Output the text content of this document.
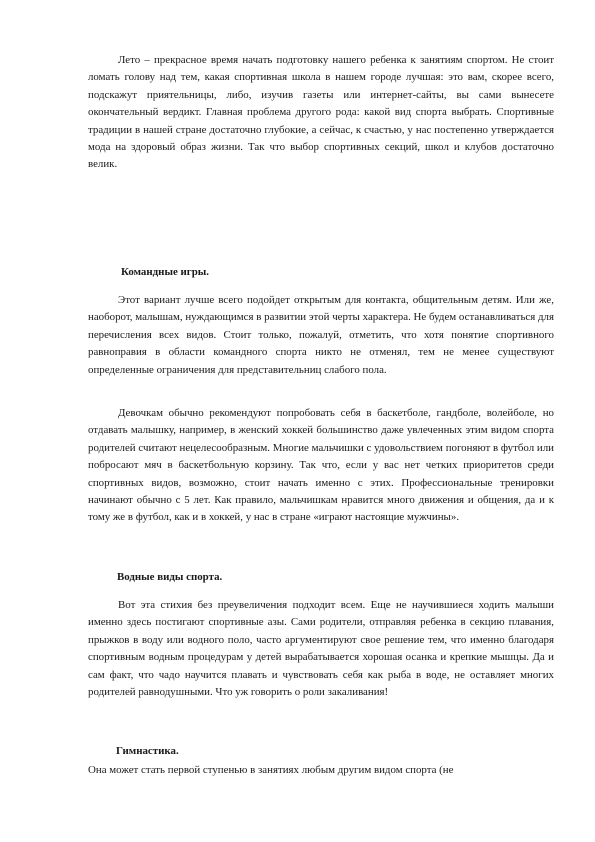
Лето – прекрасное время начать подготовку нашего ребенка к занятиям спортом. Не стоит ломать голову над тем, какая спортивная школа в нашем городе лучшая: это вам, скорее всего, подскажут приятельницы, либо, изучив газеты или интернет-сайты, вы сами вынесете окончательный вердикт. Главная проблема другого рода: какой вид спорта выбрать. Спортивные традиции в нашей стране достаточно глубокие, а сейчас, к счастью, у нас постепенно утверждается мода на здоровый образ жизни. Так что выбор спортивных секций, школ и клубов достаточно велик.

Командные игры.

Этот вариант лучше всего подойдет открытым для контакта, общительным детям. Или же, наоборот, малышам, нуждающимся в развитии этой черты характера. Не будем останавливаться для перечисления всех видов. Стоит только, пожалуй, отметить, что хотя понятие спортивного равноправия в области командного спорта никто не отменял, тем не менее существуют определенные ограничения для представительниц слабого пола.

Девочкам обычно рекомендуют попробовать себя в баскетболе, гандболе, волейболе, но отдавать малышку, например, в женский хоккей большинство даже увлеченных этим видом спорта родителей считают нецелесообразным. Многие мальчишки с удовольствием погоняют в футбол или побросают мяч в баскетбольную корзину. Так что, если у вас нет четких приоритетов среди спортивных видов, возможно, стоит начать именно с этих. Профессиональные тренировки начинают обычно с 5 лет. Как правило, мальчишкам нравится много движения и общения, да и к тому же в футбол, как и в хоккей, у нас в стране «играют настоящие мужчины».

Водные виды спорта.

Вот эта стихия без преувеличения подходит всем. Еще не научившиеся ходить малыши именно здесь постигают спортивные азы. Сами родители, отправляя ребенка в секцию плавания, прыжков в воду или водного поло, часто аргументируют свое решение тем, что именно благодаря спортивным водным процедурам у детей вырабатывается хорошая осанка и крепкие мышцы. Да и сам факт, что чадо научится плавать и чувствовать себя как рыба в воде, не оставляет многих родителей равнодушными. Что уж говорить о роли закаливания!

Гимнастика.

Она может стать первой ступенью в занятиях любым другим видом спорта (не
